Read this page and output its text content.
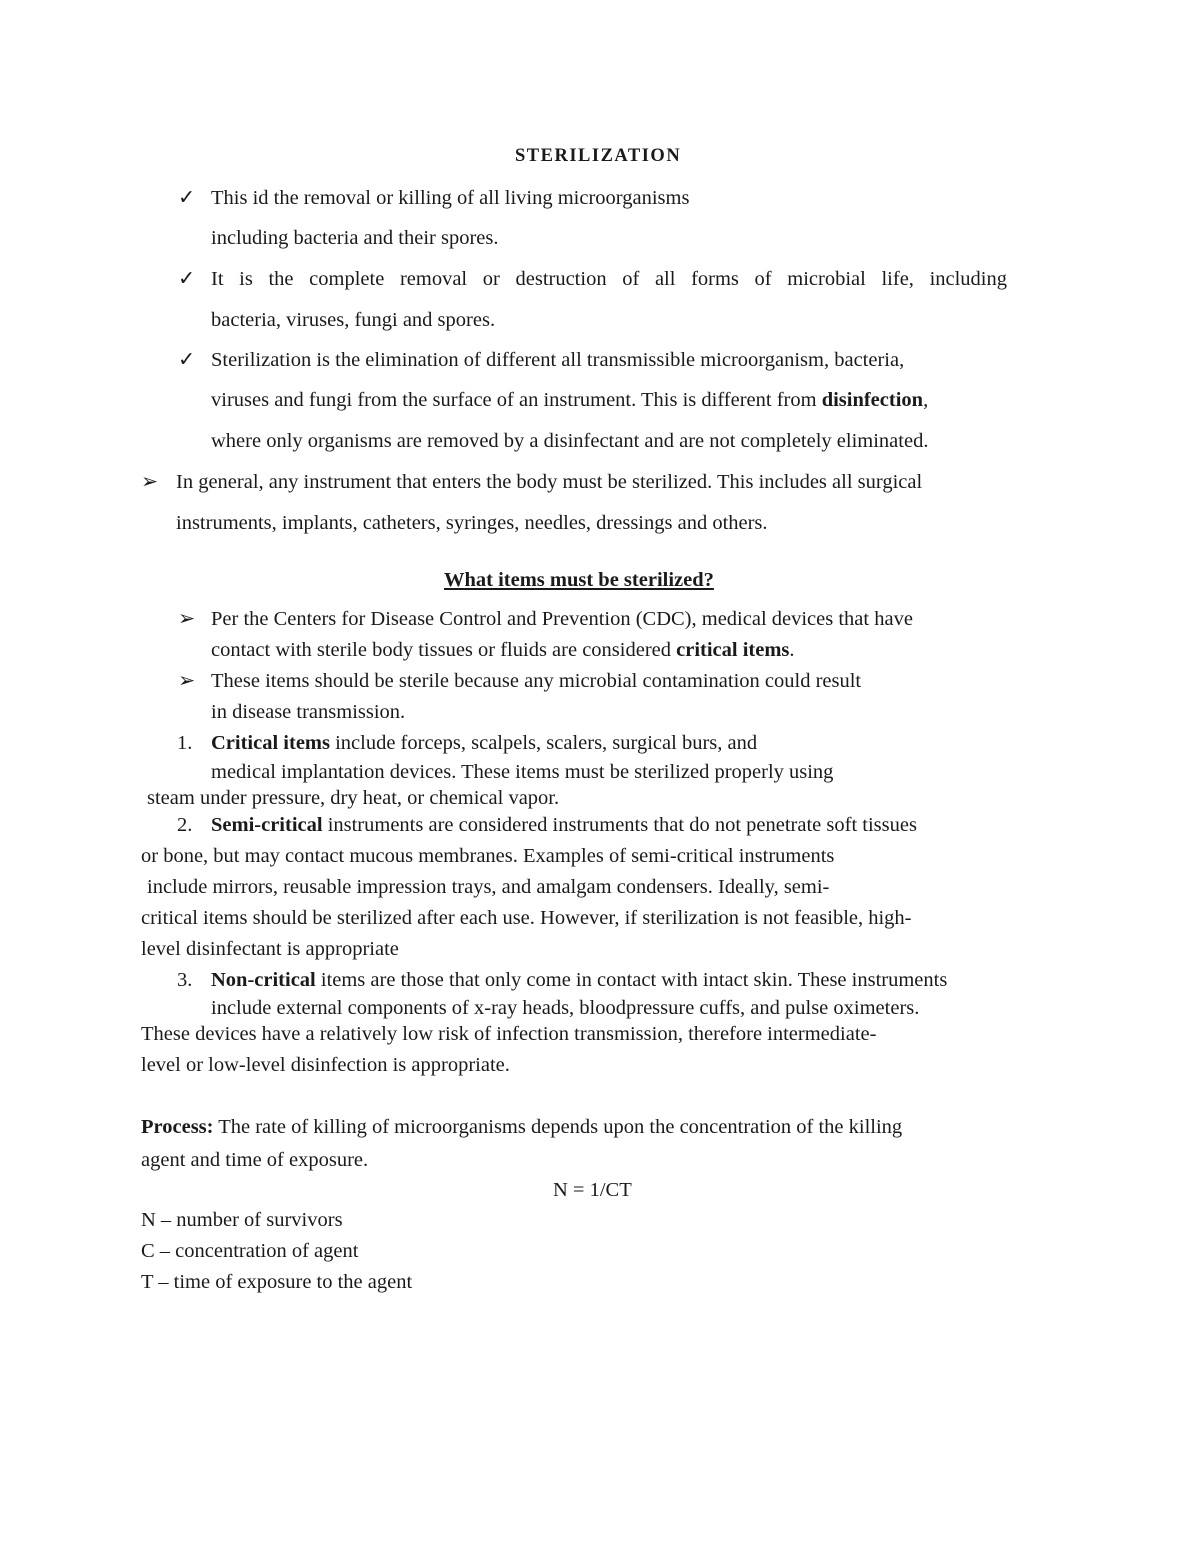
STERILIZATION
✓ This id the removal or killing of all living microorganisms
including bacteria and their spores.
✓ It is the complete removal or destruction of all forms of microbial life, including
bacteria, viruses, fungi and spores.
✓ Sterilization is the elimination of different all transmissible microorganism, bacteria,
viruses and fungi from the surface of an instrument. This is different from disinfection,
where only organisms are removed by a disinfectant and are not completely eliminated.
➢ In general, any instrument that enters the body must be sterilized. This includes all surgical
instruments, implants, catheters, syringes, needles, dressings and others.
What items must be sterilized?
➢ Per the Centers for Disease Control and Prevention (CDC), medical devices that have
contact with sterile body tissues or fluids are considered critical items.
➢ These items should be sterile because any microbial contamination could result
in disease transmission.
1. Critical items include forceps, scalpels, scalers, surgical burs, and
medical implantation devices. These items must be sterilized properly using
steam under pressure, dry heat, or chemical vapor.
2. Semi-critical instruments are considered instruments that do not penetrate soft tissues
or bone, but may contact mucous membranes. Examples of semi-critical instruments
include mirrors, reusable impression trays, and amalgam condensers. Ideally, semi-
critical items should be sterilized after each use. However, if sterilization is not feasible, high-
level disinfectant is appropriate
3. Non-critical items are those that only come in contact with intact skin. These instruments
include external components of x-ray heads, bloodpressure cuffs, and pulse oximeters.
These devices have a relatively low risk of infection transmission, therefore intermediate-
level or low-level disinfection is appropriate.
Process: The rate of killing of microorganisms depends upon the concentration of the killing
agent and time of exposure.
N = 1/CT
N – number of survivors
C – concentration of agent
T – time of exposure to the agent
